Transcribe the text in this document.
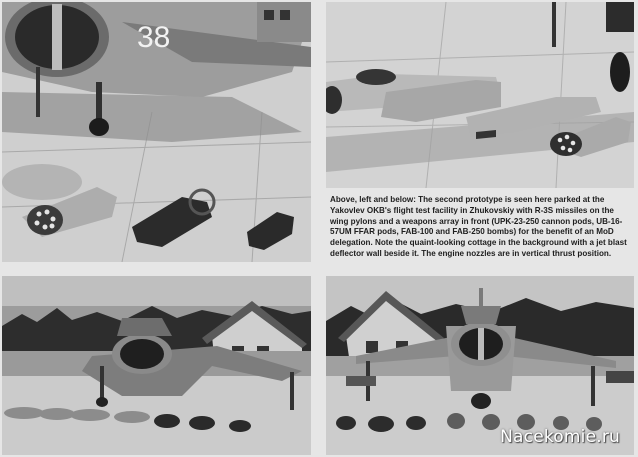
38

Above, left and below: The second prototype is seen here parked at the Yakovlev OKB's flight test facility in Zhukovskiy with R-3S missiles on the wing pylons and a weapons array in front (UPK-23-250 cannon pods, UB-16-57UM FFAR pods, FAB-100 and FAB-250 bombs) for the benefit of an MoD delegation. Note the quaint-looking cottage in the background with a jet blast deflector wall beside it. The engine nozzles are in vertical thrust position.

Nacekomie.ru
